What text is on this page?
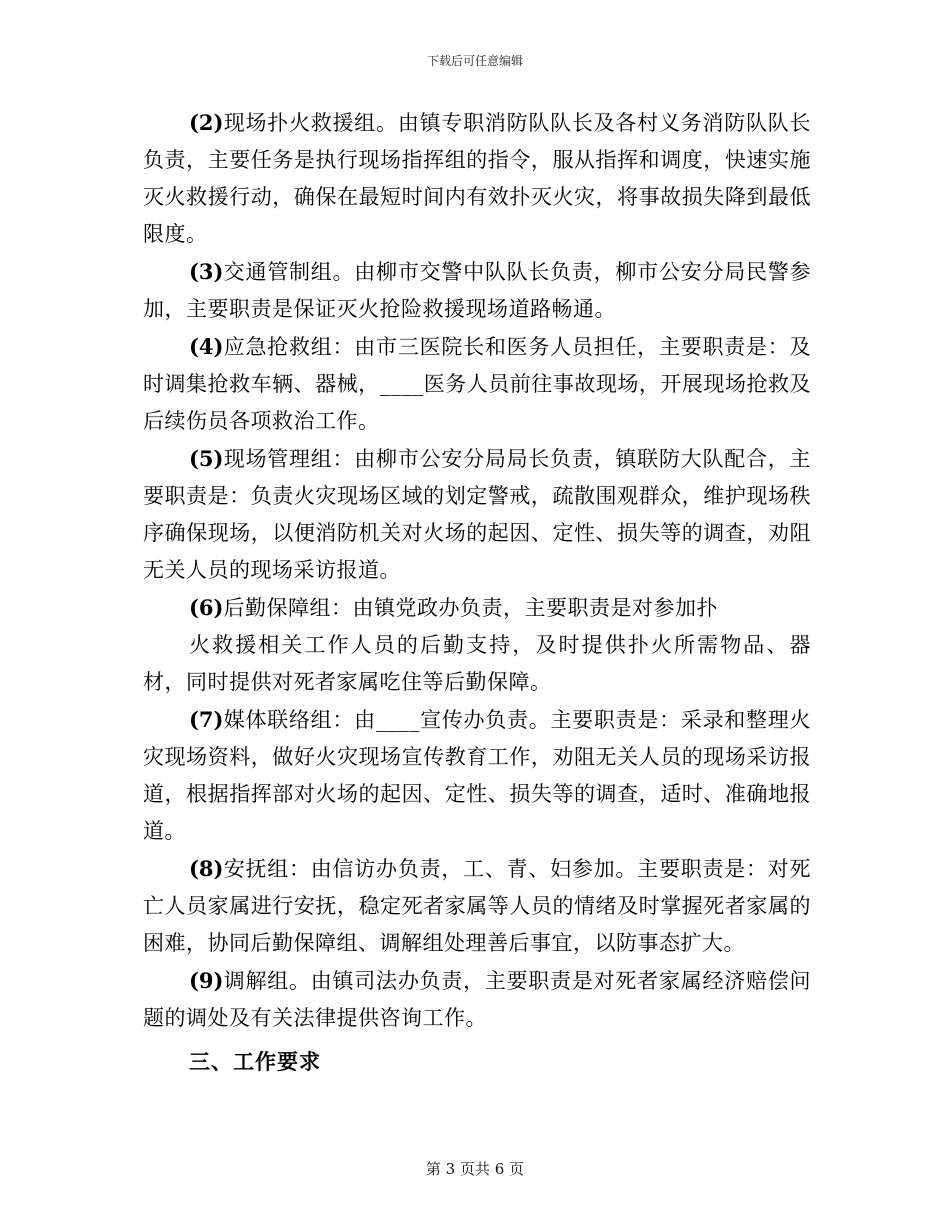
下载后可任意编辑

(2)现场扑火救援组。由镇专职消防队队长及各村义务消防队队长负责，主要任务是执行现场指挥组的指令，服从指挥和调度，快速实施灭火救援行动，确保在最短时间内有效扑灭火灾，将事故损失降到最低限度。

(3)交通管制组。由柳市交警中队队长负责，柳市公安分局民警参加，主要职责是保证灭火抢险救援现场道路畅通。

(4)应急抢救组：由市三医院长和医务人员担任，主要职责是：及时调集抢救车辆、器械，____医务人员前往事故现场，开展现场抢救及后续伤员各项救治工作。

(5)现场管理组：由柳市公安分局局长负责，镇联防大队配合，主要职责是：负责火灾现场区域的划定警戒，疏散围观群众，维护现场秩序确保现场，以便消防机关对火场的起因、定性、损失等的调查，劝阻无关人员的现场采访报道。

(6)后勤保障组：由镇党政办负责，主要职责是对参加扑

火救援相关工作人员的后勤支持，及时提供扑火所需物品、器材，同时提供对死者家属吃住等后勤保障。

(7)媒体联络组：由____宣传办负责。主要职责是：采录和整理火灾现场资料，做好火灾现场宣传教育工作，劝阻无关人员的现场采访报道，根据指挥部对火场的起因、定性、损失等的调查，适时、准确地报道。

(8)安抚组：由信访办负责，工、青、妇参加。主要职责是：对死亡人员家属进行安抚，稳定死者家属等人员的情绪及时掌握死者家属的困难，协同后勤保障组、调解组处理善后事宜，以防事态扩大。

(9)调解组。由镇司法办负责，主要职责是对死者家属经济赔偿问题的调处及有关法律提供咨询工作。

三、工作要求

第 3 页共 6 页
